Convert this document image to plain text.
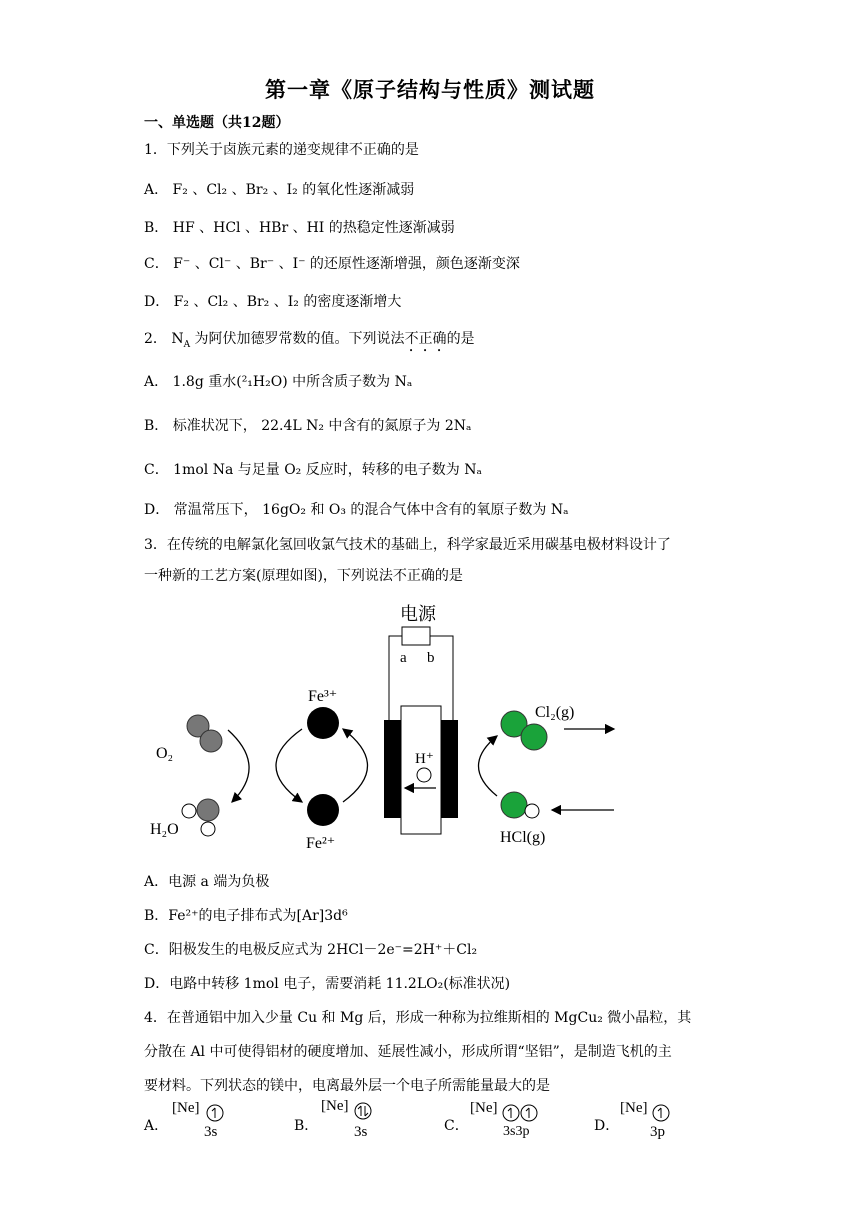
第一章《原子结构与性质》测试题
一、单选题（共12题）
1．下列关于卤族元素的递变规律不正确的是
A． F₂ 、Cl₂ 、Br₂ 、I₂ 的氧化性逐渐减弱
B． HF 、HCl 、HBr 、HI 的热稳定性逐渐减弱
C． F⁻ 、Cl⁻ 、Br⁻ 、I⁻ 的还原性逐渐增强，颜色逐渐变深
D． F₂ 、Cl₂ 、Br₂ 、I₂ 的密度逐渐增大
2． $N_A$ 为阿伏加德罗常数的值。下列说法不正确的是
A． 1.8g 重水(²₁H₂O) 中所含质子数为 Nₐ
B． 标准状况下， 22.4L N₂ 中含有的氮原子为 2Nₐ
C． 1mol Na 与足量 O₂ 反应时，转移的电子数为 Nₐ
D． 常温常压下， 16gO₂ 和 O₃ 的混合气体中含有的氧原子数为 Nₐ
3．在传统的电解氯化氢回收氯气技术的基础上，科学家最近采用碳基电极材料设计了
一种新的工艺方案(原理如图)，下列说法不正确的是
电源
a b
H⁺
Fe³⁺
Fe²⁺
O₂
H₂O
Cl₂(g)
HCl(g)
A．电源 a 端为负极
B．Fe²⁺的电子排布式为[Ar]3d⁶
C．阳极发生的电极反应式为 2HCl－2e⁻=2H⁺＋Cl₂
D．电路中转移 1mol 电子，需要消耗 11.2LO₂(标准状况)
4．在普通铝中加入少量 Cu 和 Mg 后，形成一种称为拉维斯相的 MgCu₂ 微小晶粒，其
分散在 Al 中可使得铝材的硬度增加、延展性减小，形成所谓“坚铝”，是制造飞机的主
要材料。下列状态的镁中，电离最外层一个电子所需能量最大的是
A．
[Ne]
3s	B．
[Ne]
3s	C．
[Ne]
3s3p	D．
[Ne]
3p
